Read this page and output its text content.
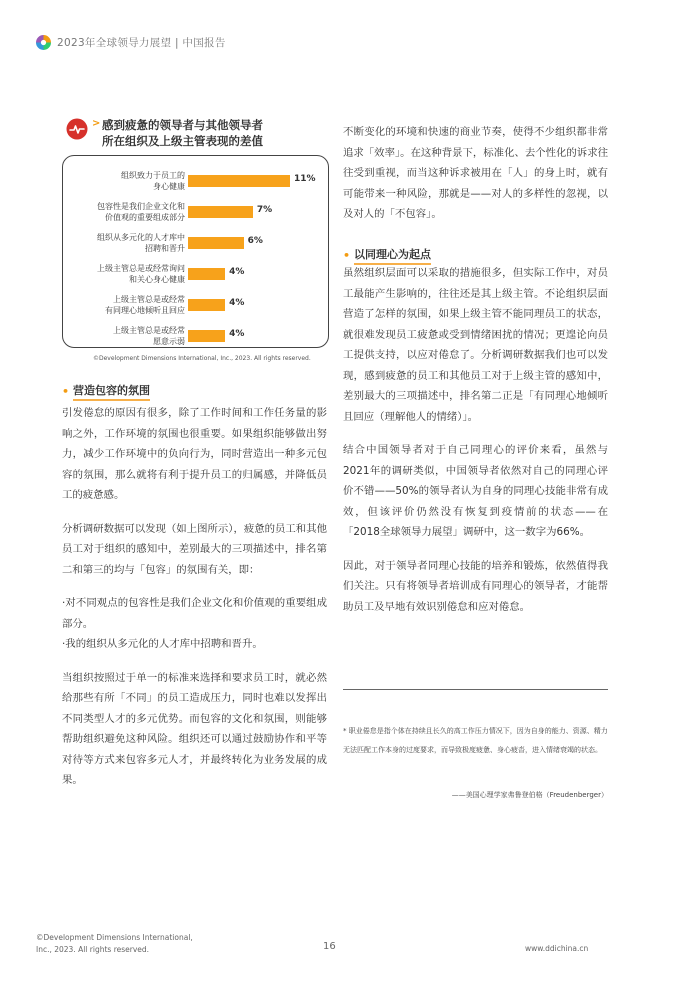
2023年全球领导力展望 | 中国报告
> 感到疲惫的领导者与其他领导者
所在组织及上级主管表现的差值
组织致力于员工的
身心健康
11%
包容性是我们企业文化和
价值观的重要组成部分
7%
组织从多元化的人才库中
招聘和晋升
6%
上级主管总是或经常询问
和关心身心健康
4%
上级主管总是或经常
有同理心地倾听且回应
4%
上级主管总是或经常
愿意示弱
4%
©Development Dimensions International, Inc., 2023. All rights reserved.
• 营造包容的氛围

引发倦怠的原因有很多，除了工作时间和工作任务量的影响之外，工作环境的氛围也很重要。如果组织能够做出努力，减少工作环境中的负向行为，同时营造出一种多元包容的氛围，那么就将有利于提升员工的归属感，并降低员工的疲惫感。

分析调研数据可以发现（如上图所示），疲惫的员工和其他员工对于组织的感知中，差别最大的三项描述中，排名第二和第三的均与「包容」的氛围有关，即：

·对不同观点的包容性是我们企业文化和价值观的重要组成部分。
·我的组织从多元化的人才库中招聘和晋升。

当组织按照过于单一的标准来选择和要求员工时，就必然给那些有所「不同」的员工造成压力，同时也难以发挥出不同类型人才的多元优势。而包容的文化和氛围，则能够帮助组织避免这种风险。组织还可以通过鼓励协作和平等对待等方式来包容多元人才，并最终转化为业务发展的成果。

不断变化的环境和快速的商业节奏，使得不少组织都非常追求「效率」。在这种背景下，标准化、去个性化的诉求往往受到重视，而当这种诉求被用在「人」的身上时，就有可能带来一种风险，那就是——对人的多样性的忽视，以及对人的「不包容」。

• 以同理心为起点

虽然组织层面可以采取的措施很多，但实际工作中，对员工最能产生影响的，往往还是其上级主管。不论组织层面营造了怎样的氛围，如果上级主管不能同理员工的状态，就很难发现员工疲惫或受到情绪困扰的情况；更遑论向员工提供支持，以应对倦怠了。分析调研数据我们也可以发现，感到疲惫的员工和其他员工对于上级主管的感知中，差别最大的三项描述中，排名第二正是「有同理心地倾听且回应（理解他人的情绪）」。

结合中国领导者对于自己同理心的评价来看，虽然与2021年的调研类似，中国领导者依然对自己的同理心评价不错——50%的领导者认为自身的同理心技能非常有成效，但该评价仍然没有恢复到疫情前的状态——在「2018全球领导力展望」调研中，这一数字为66%。

因此，对于领导者同理心技能的培养和锻炼，依然值得我们关注。只有将领导者培训成有同理心的领导者，才能帮助员工及早地有效识别倦怠和应对倦怠。

* 职业倦怠是指个体在持续且长久的高工作压力情况下，因为自身的能力、资源、精力无法匹配工作本身的过度要求，而导致极度疲惫、身心疲沓，进入情绪衰竭的状态。
——美国心理学家弗鲁登伯格（Freudenberger）
©Development Dimensions International,
Inc., 2023. All rights reserved.	16	www.ddichina.cn
